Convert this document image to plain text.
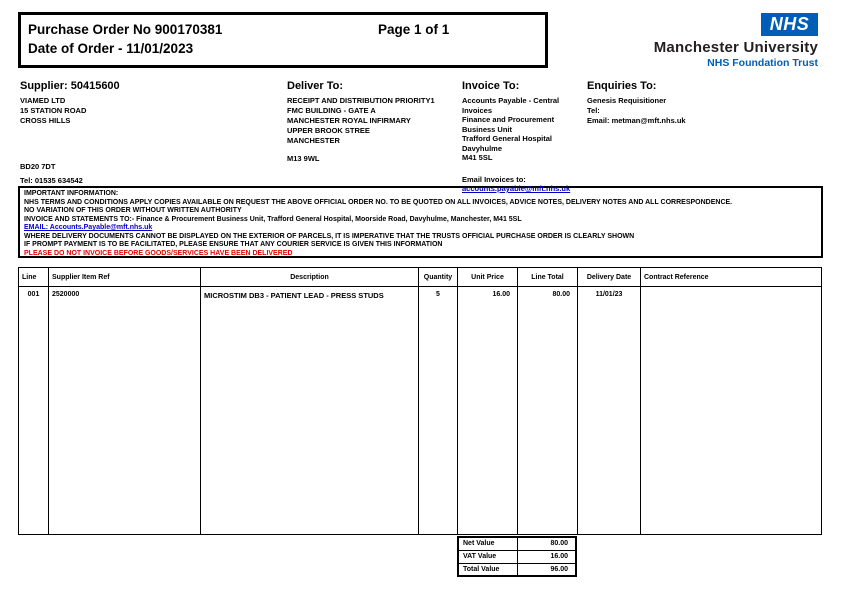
Purchase Order No 900170381	Page 1 of 1
Date of Order - 11/01/2023
NHS
Manchester University
NHS Foundation Trust
Supplier: 50415600
VIAMED LTD
15 STATION ROAD
CROSS HILLS
BD20 7DT
Tel: 01535 634542
Deliver To:
RECEIPT AND DISTRIBUTION PRIORITY1
FMC BUILDING - GATE A
MANCHESTER ROYAL INFIRMARY
UPPER BROOK STREE
MANCHESTER
M13 9WL
Invoice To:
Accounts Payable - Central
Invoices
Finance and Procurement
Business Unit
Trafford General Hospital
Davyhulme
M41 5SL
Email Invoices to:
accounts.payable@mft.nhs.uk
Enquiries To:
Genesis Requisitioner
Tel:
Email: metman@mft.nhs.uk
IMPORTANT INFORMATION:
NHS TERMS AND CONDITIONS APPLY COPIES AVAILABLE ON REQUEST THE ABOVE OFFICIAL ORDER NO. TO BE QUOTED ON ALL INVOICES, ADVICE NOTES, DELIVERY NOTES AND ALL CORRESPONDENCE.
NO VARIATION OF THIS ORDER WITHOUT WRITTEN AUTHORITY
INVOICE AND STATEMENTS TO:- Finance & Procurement Business Unit, Trafford General Hospital, Moorside Road, Davyhulme, Manchester, M41 5SL
EMAIL: Accounts.Payable@mft.nhs.uk
WHERE DELIVERY DOCUMENTS CANNOT BE DISPLAYED ON THE EXTERIOR OF PARCELS, IT IS IMPERATIVE THAT THE TRUSTS OFFICIAL PURCHASE ORDER IS CLEARLY SHOWN
IF PROMPT PAYMENT IS TO BE FACILITATED, PLEASE ENSURE THAT ANY COURIER SERVICE IS GIVEN THIS INFORMATION
PLEASE DO NOT INVOICE BEFORE GOODS/SERVICES HAVE BEEN DELIVERED
Line	Supplier Item Ref	Description	Quantity	Unit Price	Line Total	Delivery Date	Contract Reference
001	2520000	MICROSTIM DB3 - PATIENT LEAD - PRESS STUDS	5	16.00	80.00	11/01/23	
Net Value	80.00
VAT Value	16.00
Total Value	96.00
